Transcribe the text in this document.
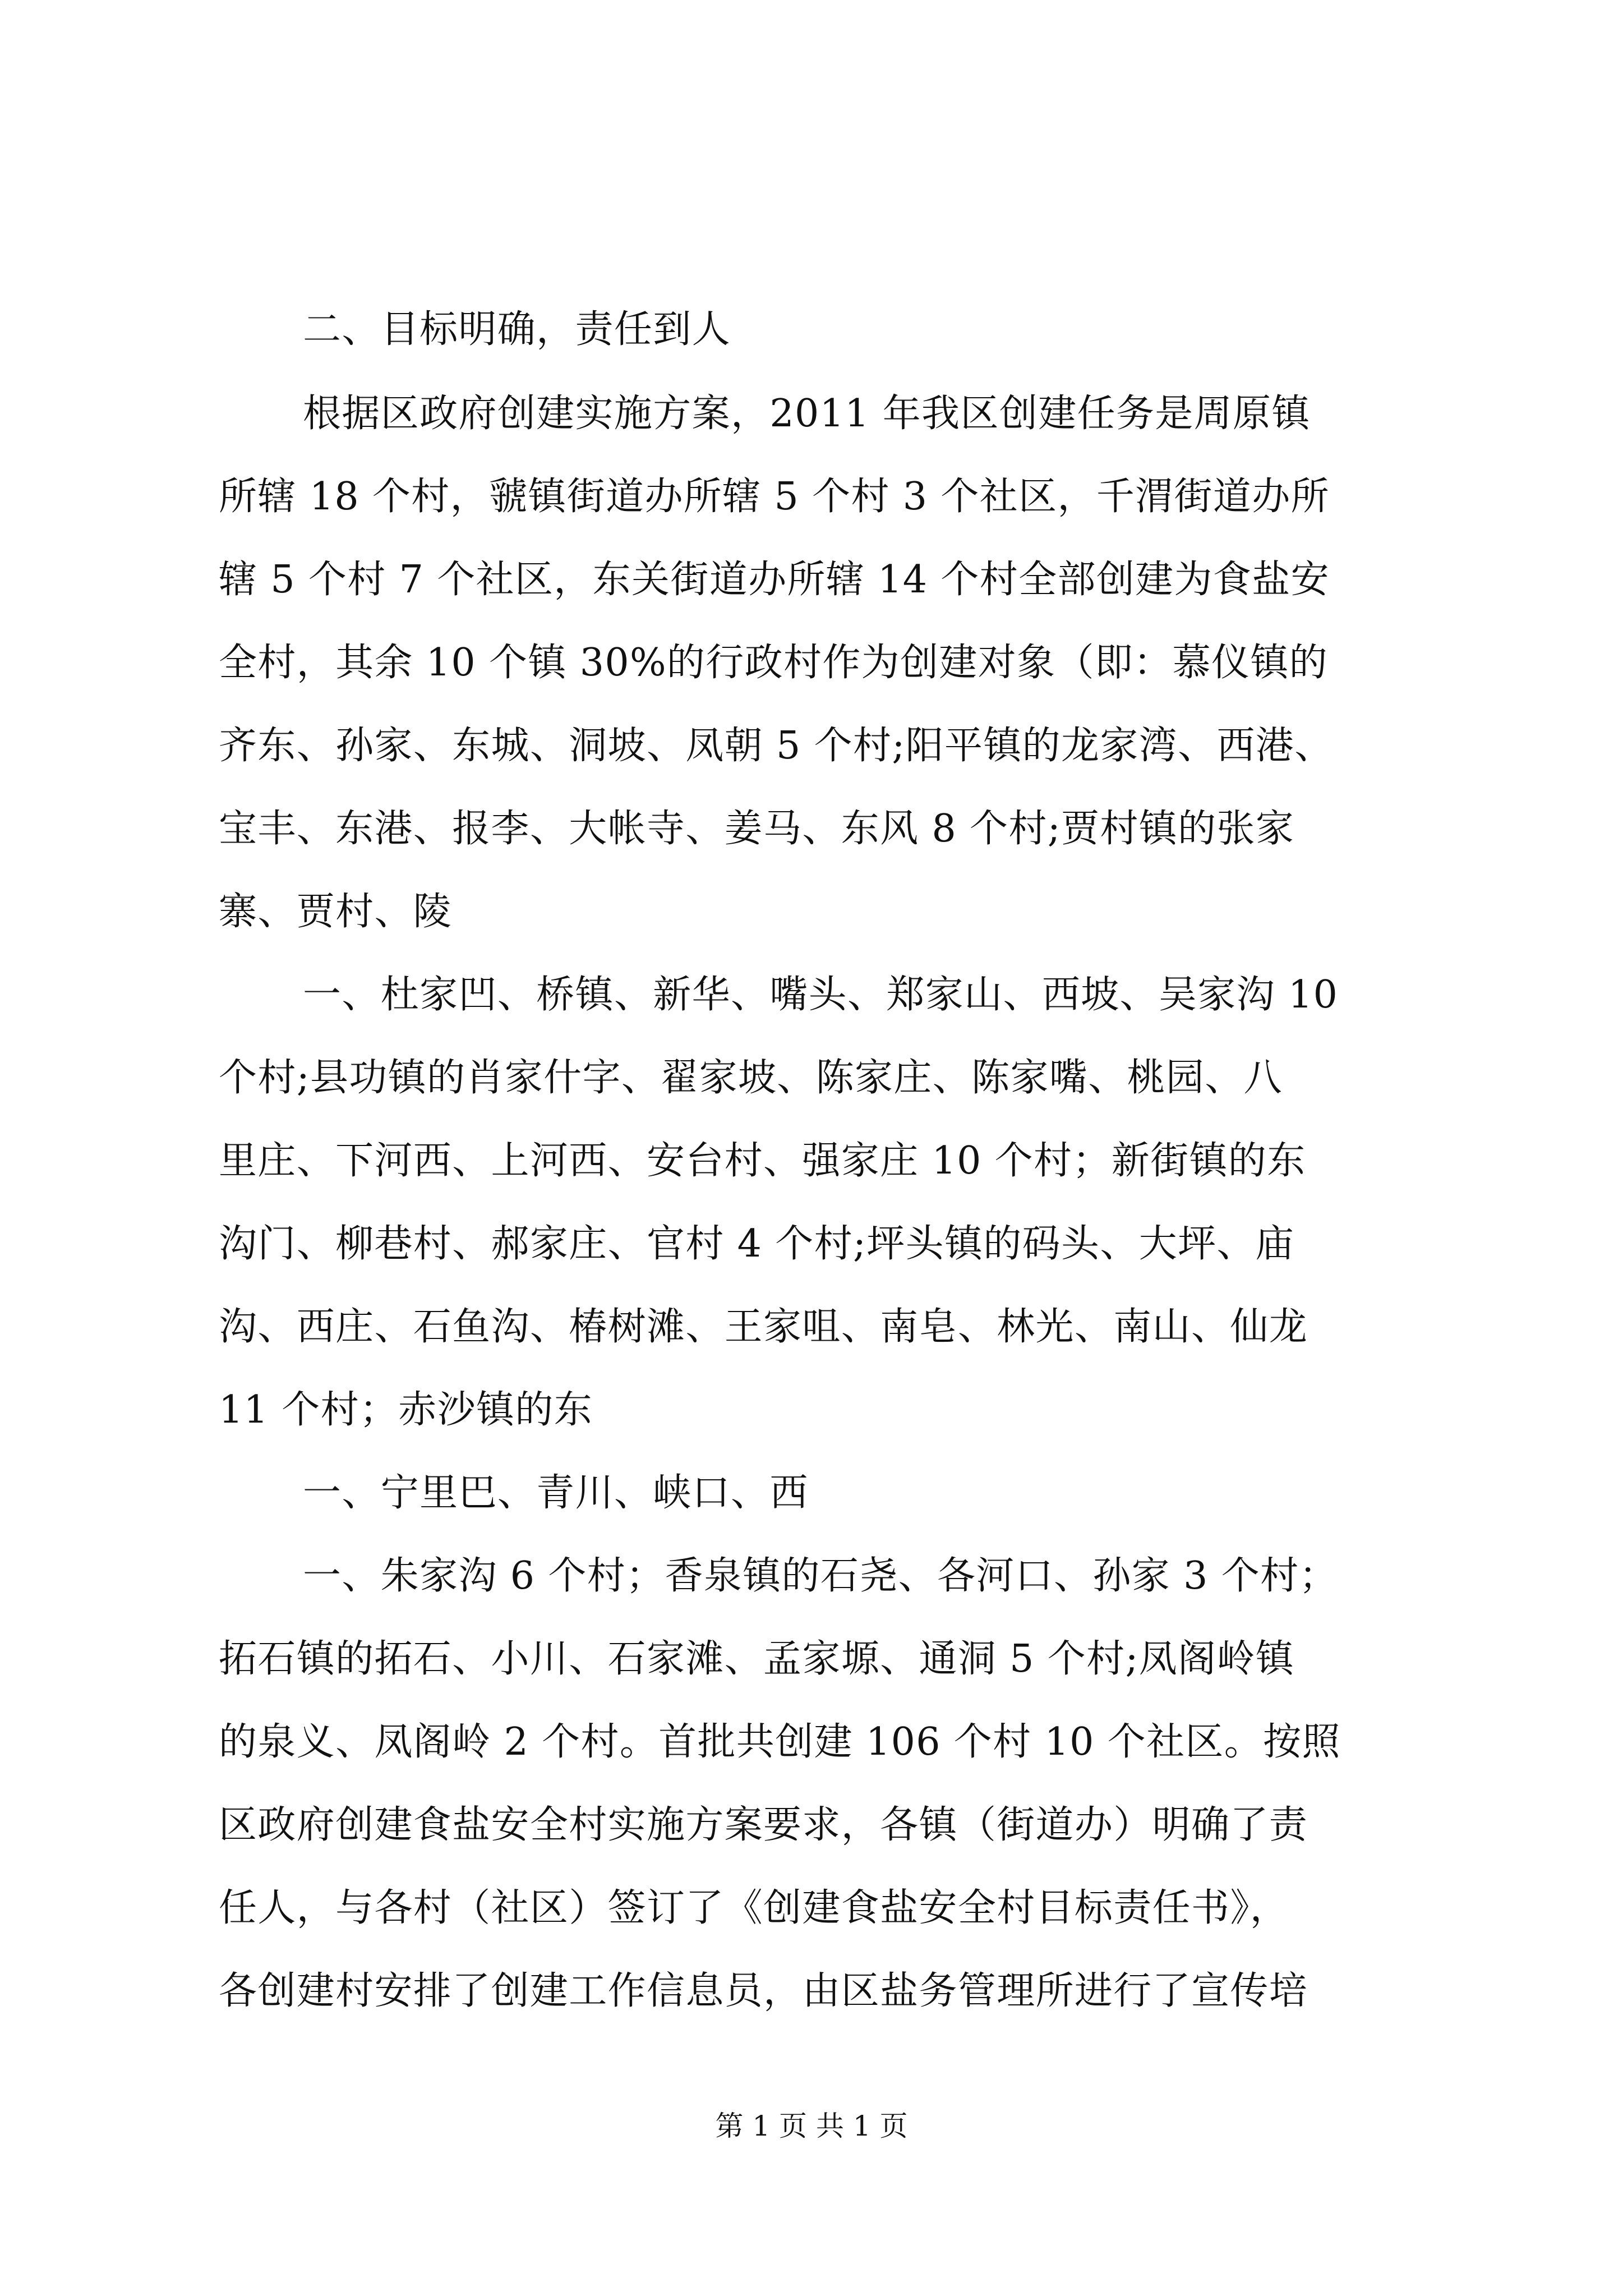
二、目标明确，责任到人
根据区政府创建实施方案，2011 年我区创建任务是周原镇
所辖 18 个村，虢镇街道办所辖 5 个村 3 个社区，千渭街道办所
辖 5 个村 7 个社区，东关街道办所辖 14 个村全部创建为食盐安
全村，其余 10 个镇 30%的行政村作为创建对象（即：慕仪镇的
齐东、孙家、东城、洞坡、凤朝 5 个村;阳平镇的龙家湾、西港、
宝丰、东港、报李、大帐寺、姜马、东风 8 个村;贾村镇的张家
寨、贾村、陵
一、杜家凹、桥镇、新华、嘴头、郑家山、西坡、吴家沟 10
个村;县功镇的肖家什字、翟家坡、陈家庄、陈家嘴、桃园、八
里庄、下河西、上河西、安台村、强家庄 10 个村；新街镇的东
沟门、柳巷村、郝家庄、官村 4 个村;坪头镇的码头、大坪、庙
沟、西庄、石鱼沟、椿树滩、王家咀、南皂、林光、南山、仙龙
11 个村；赤沙镇的东
一、宁里巴、青川、峡口、西
一、朱家沟 6 个村；香泉镇的石尧、各河口、孙家 3 个村；
拓石镇的拓石、小川、石家滩、孟家塬、通洞 5 个村;凤阁岭镇
的泉义、凤阁岭 2 个村。首批共创建 106 个村 10 个社区。按照
区政府创建食盐安全村实施方案要求，各镇（街道办）明确了责
任人，与各村（社区）签订了《创建食盐安全村目标责任书》，
各创建村安排了创建工作信息员，由区盐务管理所进行了宣传培
第 1 页 共 1 页
